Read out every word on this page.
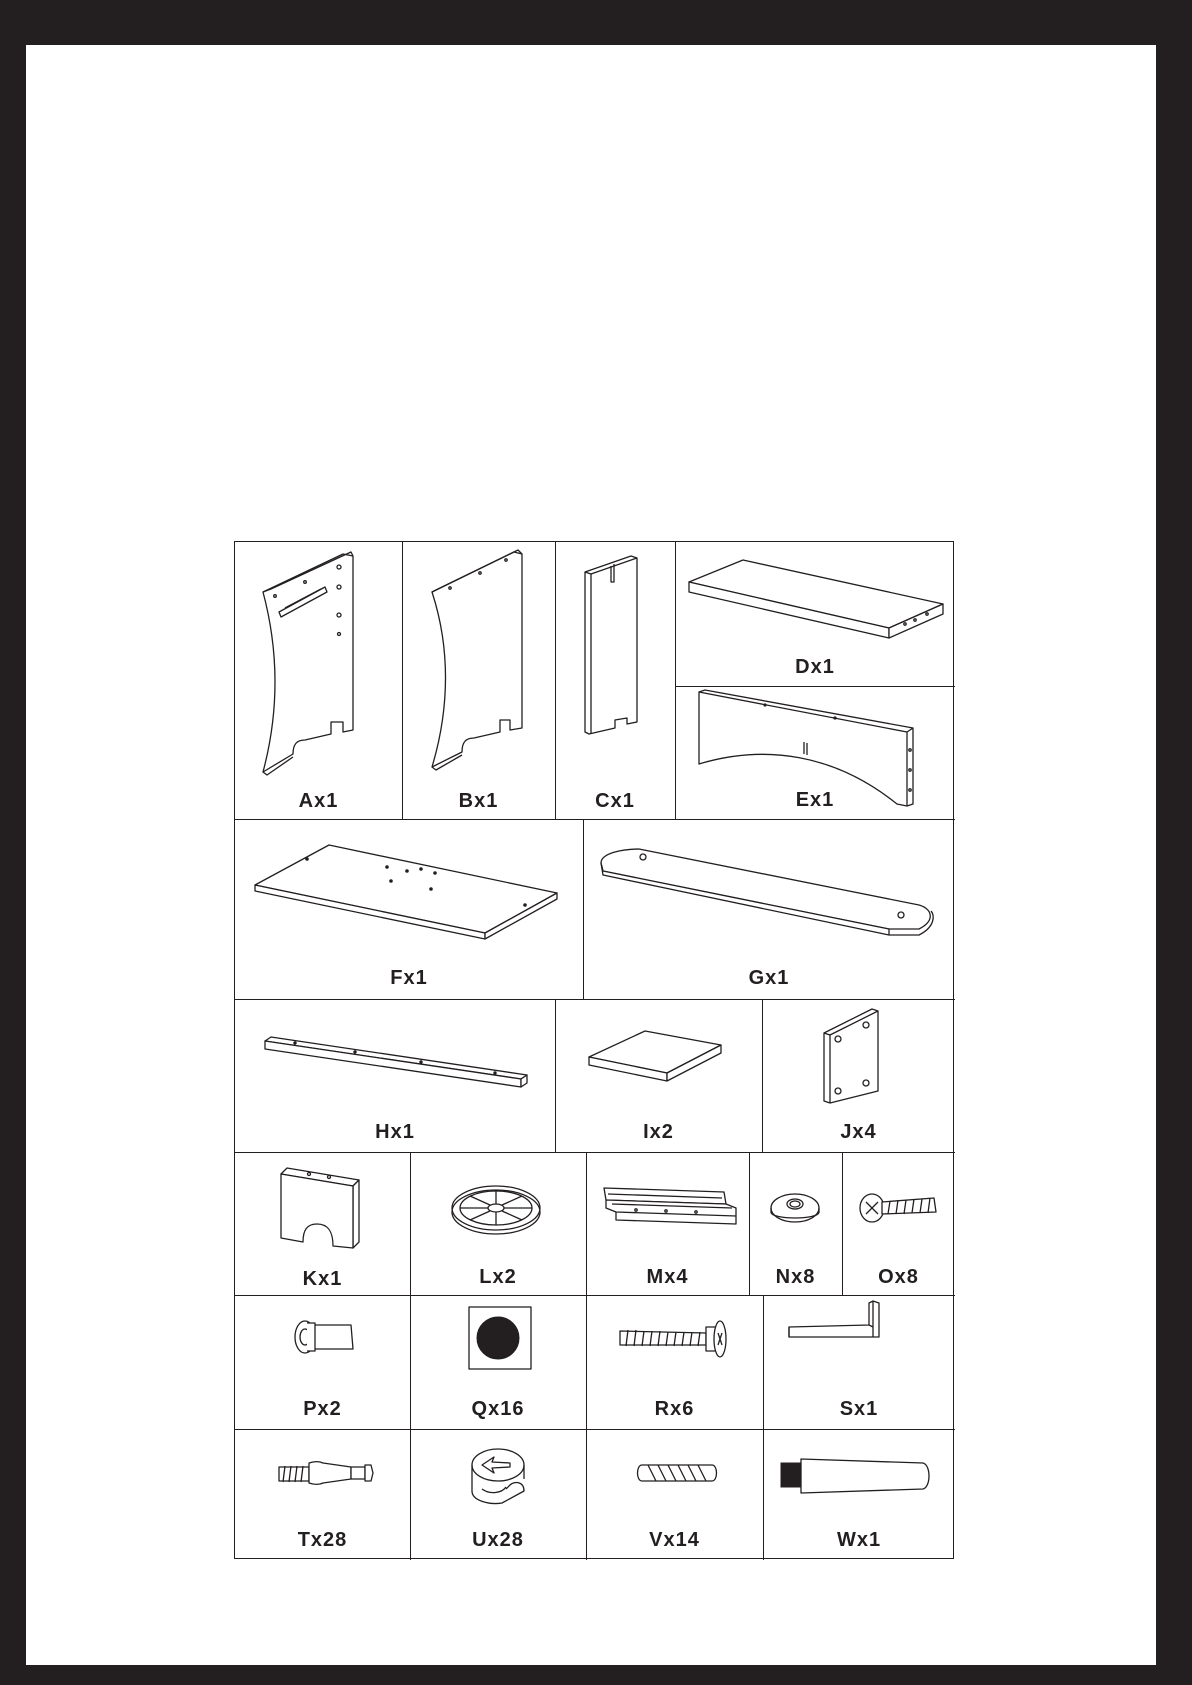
Ax1	Bx1	Cx1
Dx1
Ex1
Fx1	Gx1
Hx1	Ix2	Jx4
Kx1	Lx2	Mx4	Nx8	Ox8
Px2	Qx16	Rx6	Sx1
Tx28	Ux28	Vx14	Wx1
